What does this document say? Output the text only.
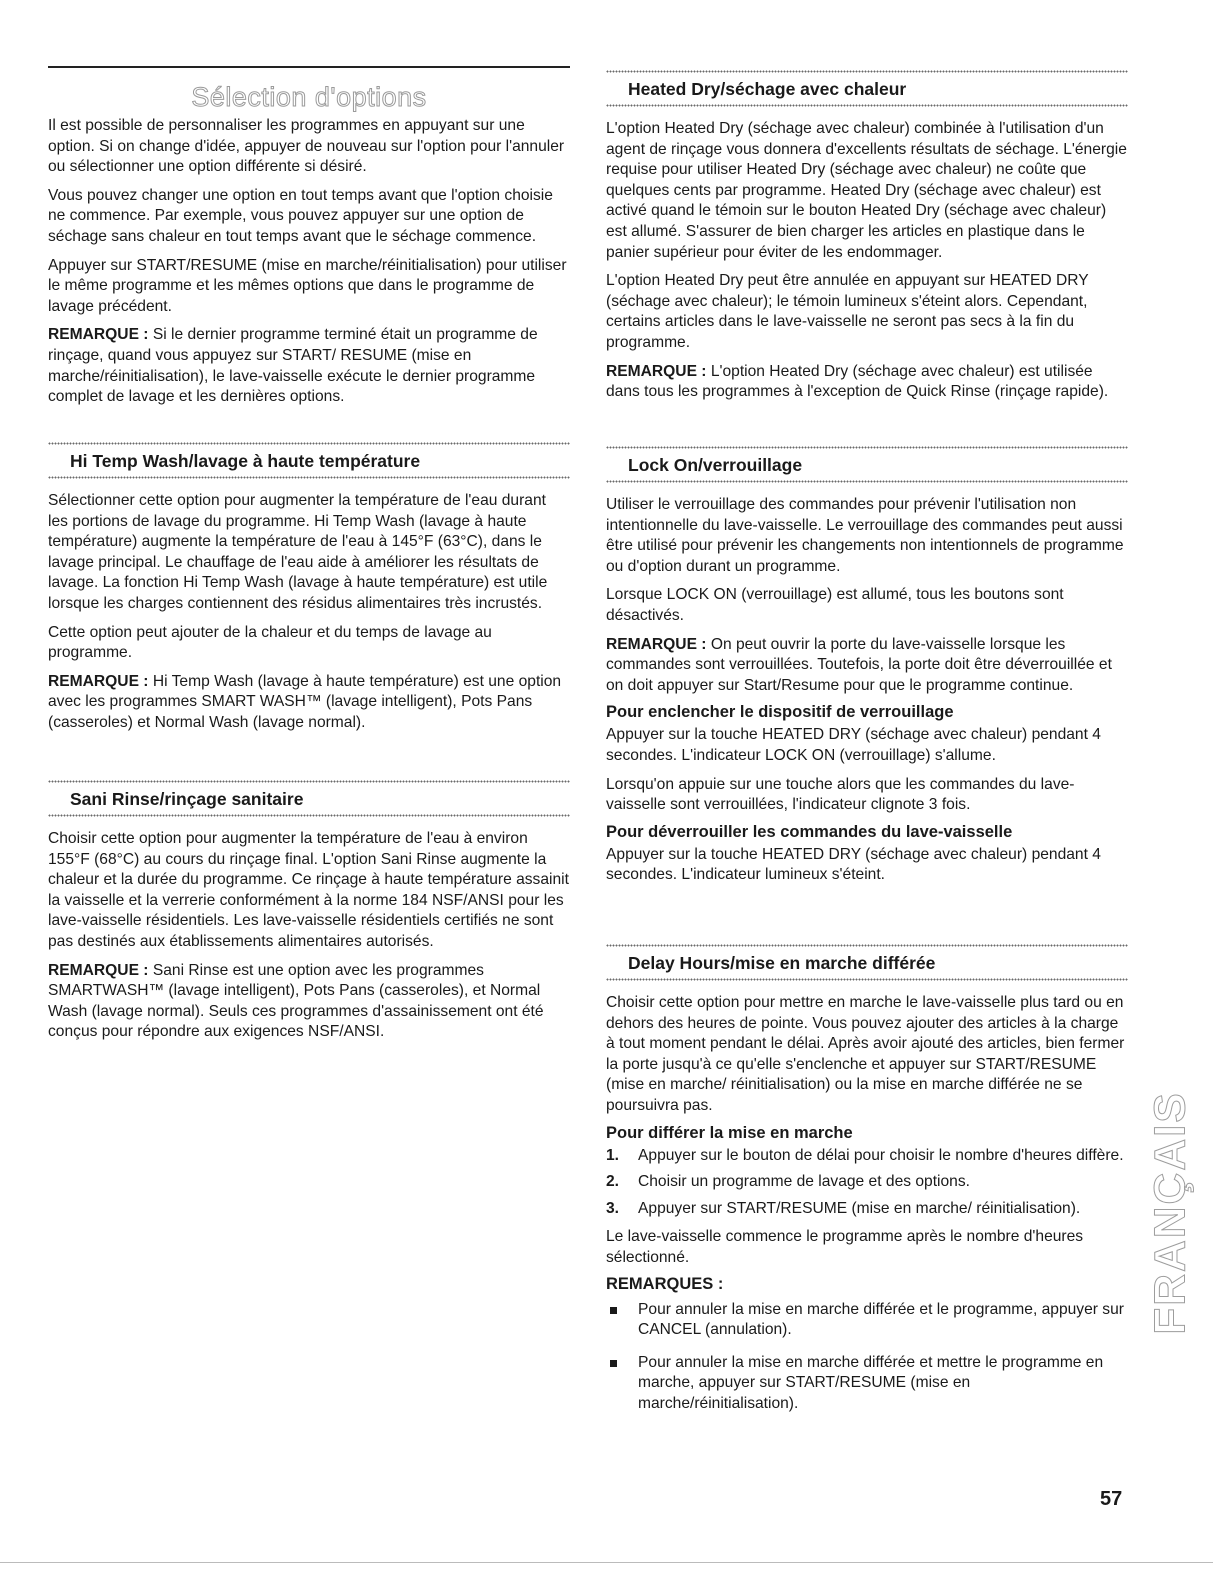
Sélection d'options

Il est possible de personnaliser les programmes en appuyant sur une option. Si on change d'idée, appuyer de nouveau sur l'option pour l'annuler ou sélectionner une option différente si désiré.

Vous pouvez changer une option en tout temps avant que l'option choisie ne commence. Par exemple, vous pouvez appuyer sur une option de séchage sans chaleur en tout temps avant que le séchage commence.

Appuyer sur START/RESUME (mise en marche/réinitialisation) pour utiliser le même programme et les mêmes options que dans le programme de lavage précédent.

REMARQUE : Si le dernier programme terminé était un programme de rinçage, quand vous appuyez sur START/ RESUME (mise en marche/réinitialisation), le lave-vaisselle exécute le dernier programme complet de lavage et les dernières options.

Hi Temp Wash/lavage à haute température

Sélectionner cette option pour augmenter la température de l'eau durant les portions de lavage du programme. Hi Temp Wash (lavage à haute température) augmente la température de l'eau à 145°F (63°C), dans le lavage principal. Le chauffage de l'eau aide à améliorer les résultats de lavage. La fonction Hi Temp Wash (lavage à haute température) est utile lorsque les charges contiennent des résidus alimentaires très incrustés.

Cette option peut ajouter de la chaleur et du temps de lavage au programme.

REMARQUE : Hi Temp Wash (lavage à haute température) est une option avec les programmes SMART WASH™ (lavage intelligent), Pots Pans (casseroles) et Normal Wash (lavage normal).

Sani Rinse/rinçage sanitaire

Choisir cette option pour augmenter la température de l'eau à environ 155°F (68°C) au cours du rinçage final. L'option Sani Rinse augmente la chaleur et la durée du programme. Ce rinçage à haute température assainit la vaisselle et la verrerie conformément à la norme 184 NSF/ANSI pour les lave-vaisselle résidentiels. Les lave-vaisselle résidentiels certifiés ne sont pas destinés aux établissements alimentaires autorisés.

REMARQUE : Sani Rinse est une option avec les programmes SMARTWASH™ (lavage intelligent), Pots Pans (casseroles), et Normal Wash (lavage normal). Seuls ces programmes d'assainissement ont été conçus pour répondre aux exigences NSF/ANSI.

Heated Dry/séchage avec chaleur

L'option Heated Dry (séchage avec chaleur) combinée à l'utilisation d'un agent de rinçage vous donnera d'excellents résultats de séchage. L'énergie requise pour utiliser Heated Dry (séchage avec chaleur) ne coûte que quelques cents par programme. Heated Dry (séchage avec chaleur) est activé quand le témoin sur le bouton Heated Dry (séchage avec chaleur) est allumé. S'assurer de bien charger les articles en plastique dans le panier supérieur pour éviter de les endommager.

L'option Heated Dry peut être annulée en appuyant sur HEATED DRY (séchage avec chaleur); le témoin lumineux s'éteint alors. Cependant, certains articles dans le lave-vaisselle ne seront pas secs à la fin du programme.

REMARQUE : L'option Heated Dry (séchage avec chaleur) est utilisée dans tous les programmes à l'exception de Quick Rinse (rinçage rapide).

Lock On/verrouillage

Utiliser le verrouillage des commandes pour prévenir l'utilisation non intentionnelle du lave-vaisselle. Le verrouillage des commandes peut aussi être utilisé pour prévenir les changements non intentionnels de programme ou d'option durant un programme.

Lorsque LOCK ON (verrouillage) est allumé, tous les boutons sont désactivés.

REMARQUE : On peut ouvrir la porte du lave-vaisselle lorsque les commandes sont verrouillées. Toutefois, la porte doit être déverrouillée et on doit appuyer sur Start/Resume pour que le programme continue.

Pour enclencher le dispositif de verrouillage

Appuyer sur la touche HEATED DRY (séchage avec chaleur) pendant 4 secondes. L'indicateur LOCK ON (verrouillage) s'allume.

Lorsqu'on appuie sur une touche alors que les commandes du lave-vaisselle sont verrouillées, l'indicateur clignote 3 fois.

Pour déverrouiller les commandes du lave-vaisselle

Appuyer sur la touche HEATED DRY (séchage avec chaleur) pendant 4 secondes. L'indicateur lumineux s'éteint.

Delay Hours/mise en marche différée

Choisir cette option pour mettre en marche le lave-vaisselle plus tard ou en dehors des heures de pointe. Vous pouvez ajouter des articles à la charge à tout moment pendant le délai. Après avoir ajouté des articles, bien fermer la porte jusqu'à ce qu'elle s'enclenche et appuyer sur START/RESUME (mise en marche/ réinitialisation) ou la mise en marche différée ne se poursuivra pas.

Pour différer la mise en marche
1. Appuyer sur le bouton de délai pour choisir le nombre d'heures diffère.
2. Choisir un programme de lavage et des options.
3. Appuyer sur START/RESUME (mise en marche/ réinitialisation).

Le lave-vaisselle commence le programme après le nombre d'heures sélectionné.

REMARQUES :
Pour annuler la mise en marche différée et le programme, appuyer sur CANCEL (annulation).
Pour annuler la mise en marche différée et mettre le programme en marche, appuyer sur START/RESUME (mise en marche/réinitialisation).
FRANÇAIS
57
